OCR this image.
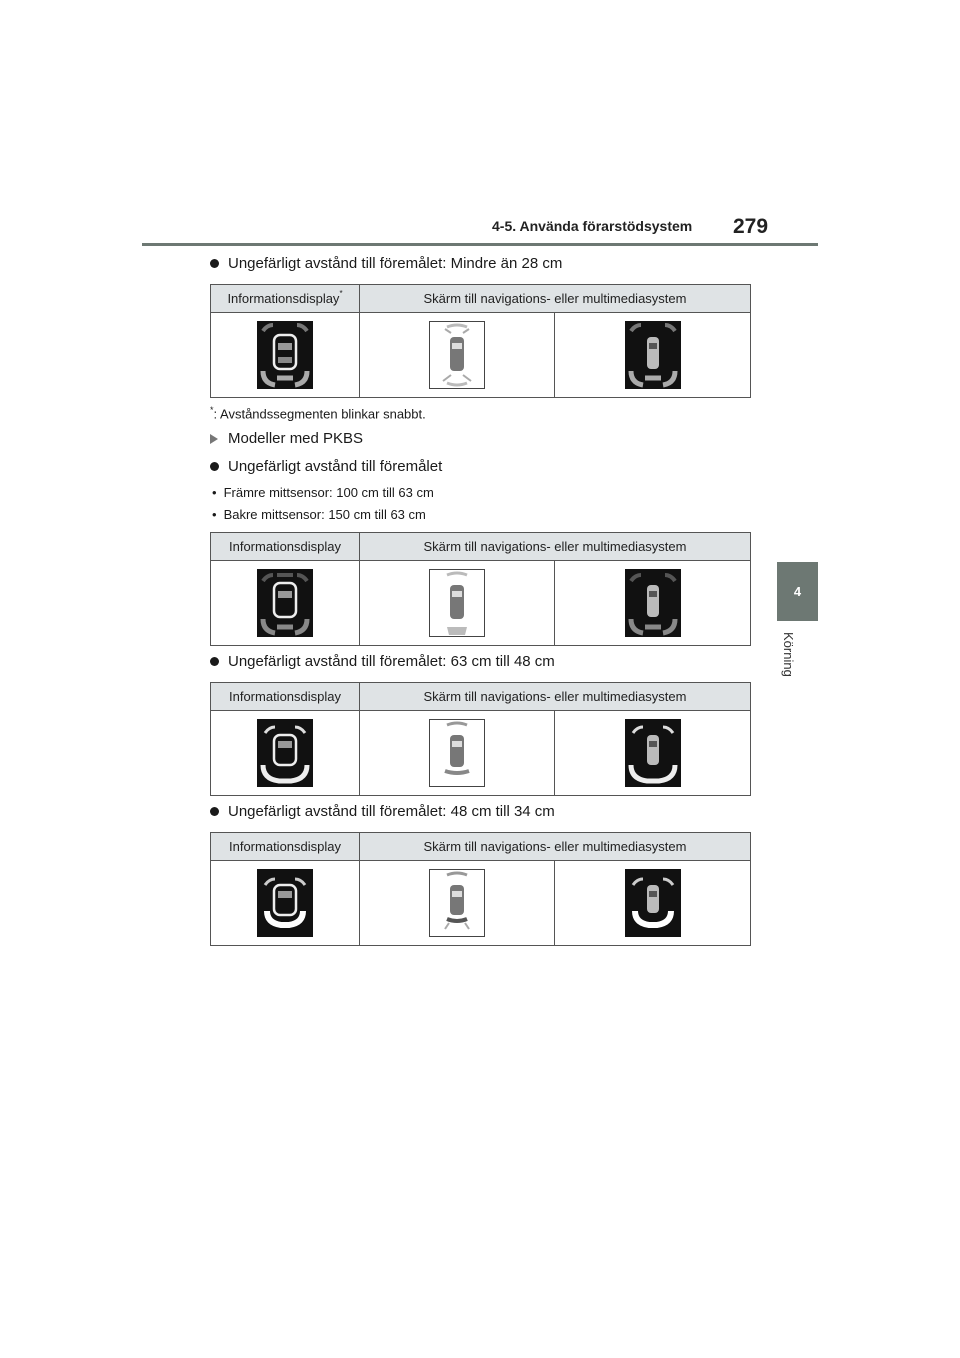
4-5. Använda förarstödsystem 279
4
Körning
Ungefärligt avstånd till föremålet: Mindre än 28 cm
Informationsdisplay*	Skärm till navigations- eller multimediasystem
*: Avståndssegmenten blinkar snabbt.
Modeller med PKBS
Ungefärligt avstånd till föremålet
• Främre mittsensor: 100 cm till 63 cm
• Bakre mittsensor: 150 cm till 63 cm
Informationsdisplay	Skärm till navigations- eller multimediasystem
Ungefärligt avstånd till föremålet: 63 cm till 48 cm
Informationsdisplay	Skärm till navigations- eller multimediasystem
Ungefärligt avstånd till föremålet: 48 cm till 34 cm
Informationsdisplay	Skärm till navigations- eller multimediasystem
